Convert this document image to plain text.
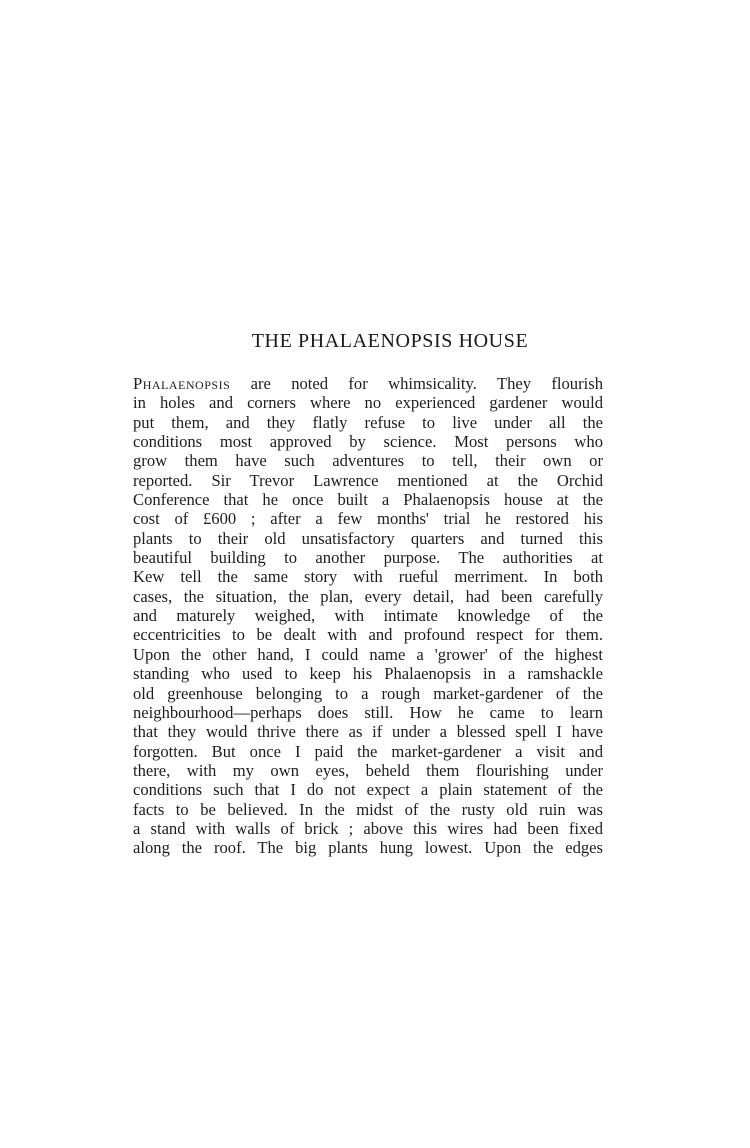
THE PHALAENOPSIS HOUSE
Phalaenopsis are noted for whimsicality. They flourish
in holes and corners where no experienced gardener would
put them, and they flatly refuse to live under all the
conditions most approved by science. Most persons who
grow them have such adventures to tell, their own or
reported. Sir Trevor Lawrence mentioned at the Orchid
Conference that he once built a Phalaenopsis house at the
cost of £600 ; after a few months' trial he restored his
plants to their old unsatisfactory quarters and turned this
beautiful building to another purpose. The authorities at
Kew tell the same story with rueful merriment. In both
cases, the situation, the plan, every detail, had been carefully
and maturely weighed, with intimate knowledge of the
eccentricities to be dealt with and profound respect for them.
Upon the other hand, I could name a 'grower' of the highest
standing who used to keep his Phalaenopsis in a ramshackle
old greenhouse belonging to a rough market-gardener of the
neighbourhood—perhaps does still. How he came to learn
that they would thrive there as if under a blessed spell I have
forgotten. But once I paid the market-gardener a visit and
there, with my own eyes, beheld them flourishing under
conditions such that I do not expect a plain statement of the
facts to be believed. In the midst of the rusty old ruin was
a stand with walls of brick ; above this wires had been fixed
along the roof. The big plants hung lowest. Upon the edges
